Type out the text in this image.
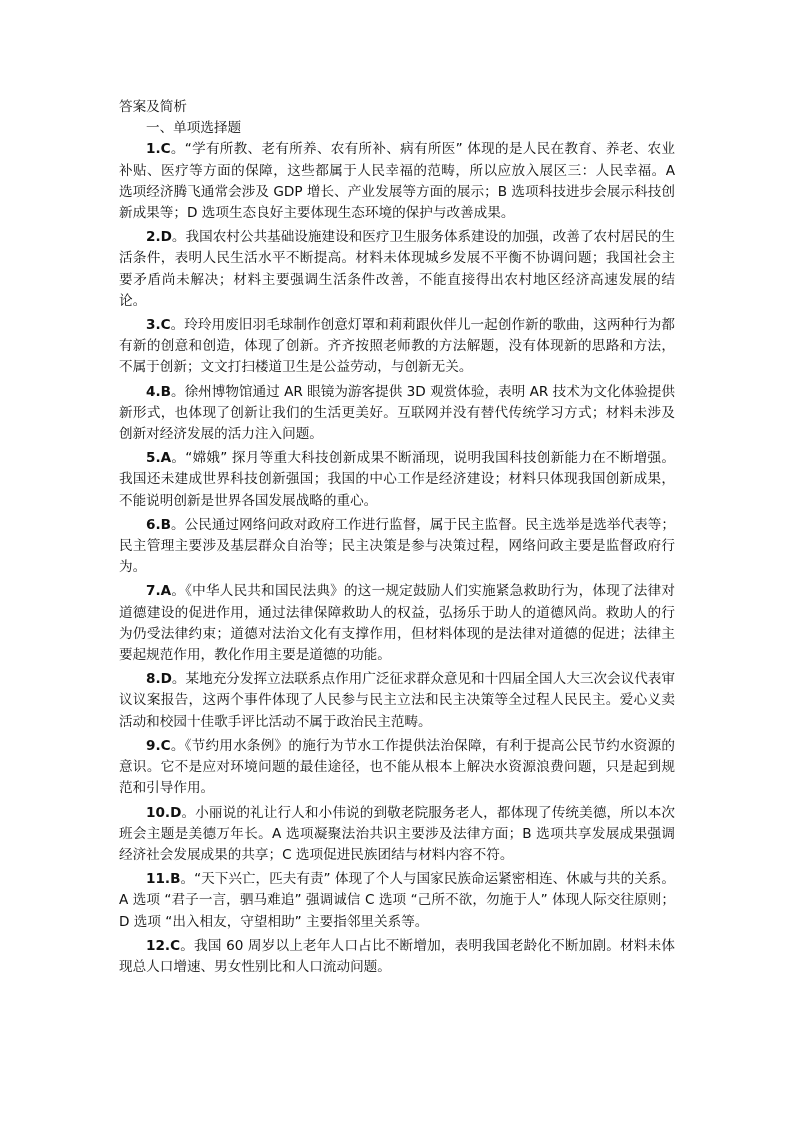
答案及简析

一、单项选择题

1.C。“学有所教、老有所养、农有所补、病有所医” 体现的是人民在教育、养老、农业补贴、医疗等方面的保障，这些都属于人民幸福的范畴，所以应放入展区三：人民幸福。A 选项经济腾飞通常会涉及 GDP 增长、产业发展等方面的展示；B 选项科技进步会展示科技创新成果等；D 选项生态良好主要体现生态环境的保护与改善成果。

2.D。我国农村公共基础设施建设和医疗卫生服务体系建设的加强，改善了农村居民的生活条件，表明人民生活水平不断提高。材料未体现城乡发展不平衡不协调问题；我国社会主要矛盾尚未解决；材料主要强调生活条件改善，不能直接得出农村地区经济高速发展的结论。

3.C。玲玲用废旧羽毛球制作创意灯罩和莉莉跟伙伴儿一起创作新的歌曲，这两种行为都有新的创意和创造，体现了创新。齐齐按照老师教的方法解题，没有体现新的思路和方法，不属于创新；文文打扫楼道卫生是公益劳动，与创新无关。

4.B。徐州博物馆通过 AR 眼镜为游客提供 3D 观赏体验，表明 AR 技术为文化体验提供新形式，也体现了创新让我们的生活更美好。互联网并没有替代传统学习方式；材料未涉及创新对经济发展的活力注入问题。

5.A。“嫦娥” 探月等重大科技创新成果不断涌现，说明我国科技创新能力在不断增强。我国还未建成世界科技创新强国；我国的中心工作是经济建设；材料只体现我国创新成果，不能说明创新是世界各国发展战略的重心。

6.B。公民通过网络问政对政府工作进行监督，属于民主监督。民主选举是选举代表等；民主管理主要涉及基层群众自治等；民主决策是参与决策过程，网络问政主要是监督政府行为。

7.A。《中华人民共和国民法典》的这一规定鼓励人们实施紧急救助行为，体现了法律对道德建设的促进作用，通过法律保障救助人的权益，弘扬乐于助人的道德风尚。救助人的行为仍受法律约束；道德对法治文化有支撑作用，但材料体现的是法律对道德的促进；法律主要起规范作用，教化作用主要是道德的功能。

8.D。某地充分发挥立法联系点作用广泛征求群众意见和十四届全国人大三次会议代表审议议案报告，这两个事件体现了人民参与民主立法和民主决策等全过程人民民主。爱心义卖活动和校园十佳歌手评比活动不属于政治民主范畴。

9.C。《节约用水条例》的施行为节水工作提供法治保障，有利于提高公民节约水资源的意识。它不是应对环境问题的最佳途径，也不能从根本上解决水资源浪费问题，只是起到规范和引导作用。

10.D。小丽说的礼让行人和小伟说的到敬老院服务老人，都体现了传统美德，所以本次班会主题是美德万年长。A 选项凝聚法治共识主要涉及法律方面；B 选项共享发展成果强调经济社会发展成果的共享；C 选项促进民族团结与材料内容不符。

11.B。“天下兴亡，匹夫有责” 体现了个人与国家民族命运紧密相连、休戚与共的关系。A 选项 “君子一言，驷马难追” 强调诚信 C 选项 “己所不欲，勿施于人” 体现人际交往原则；D 选项 “出入相友，守望相助” 主要指邻里关系等。

12.C。我国 60 周岁以上老年人口占比不断增加，表明我国老龄化不断加剧。材料未体现总人口增速、男女性别比和人口流动问题。
